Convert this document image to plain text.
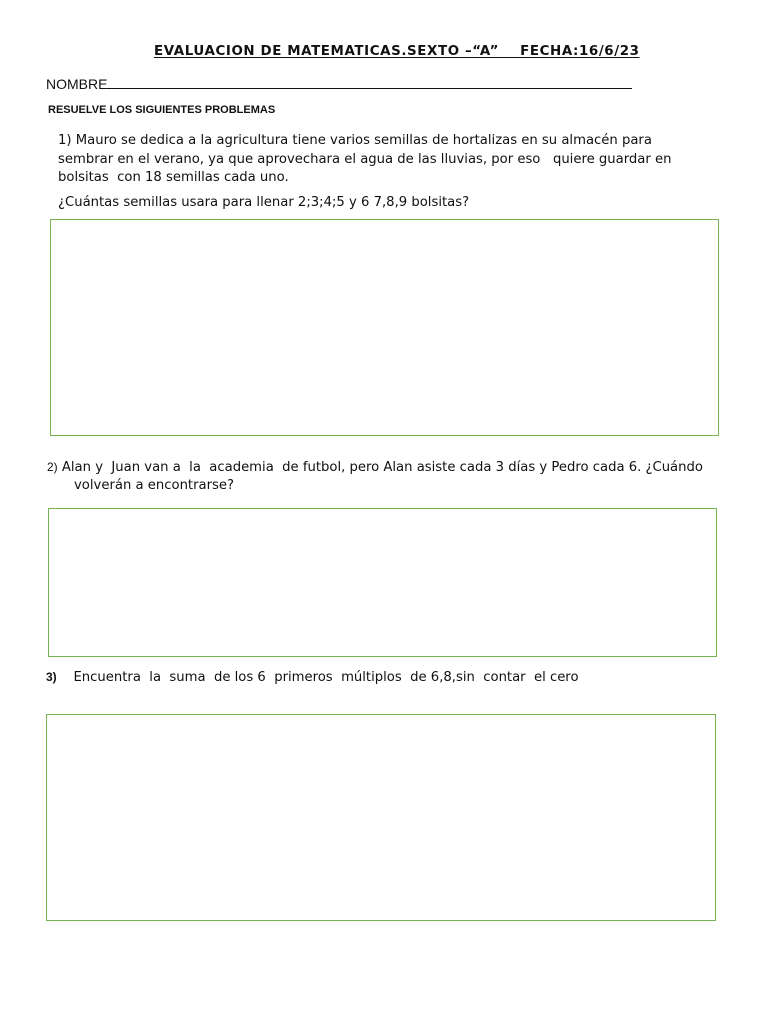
EVALUACION DE MATEMATICAS.SEXTO –“A”    FECHA:16/6/23
NOMBRE
RESUELVE LOS SIGUIENTES PROBLEMAS
1) Mauro se dedica a la agricultura tiene varios semillas de hortalizas en su almacén para
sembrar en el verano, ya que aprovechara el agua de las lluvias, por eso   quiere guardar en
bolsitas  con 18 semillas cada uno.
¿Cuántas semillas usara para llenar 2;3;4;5 y 6 7,8,9 bolsitas?
2) Alan y  Juan van a  la  academia  de futbol, pero Alan asiste cada 3 días y Pedro cada 6. ¿Cuándo
volverán a encontrarse?
3) Encuentra  la  suma  de los 6  primeros  múltiplos  de 6,8,sin  contar  el cero
